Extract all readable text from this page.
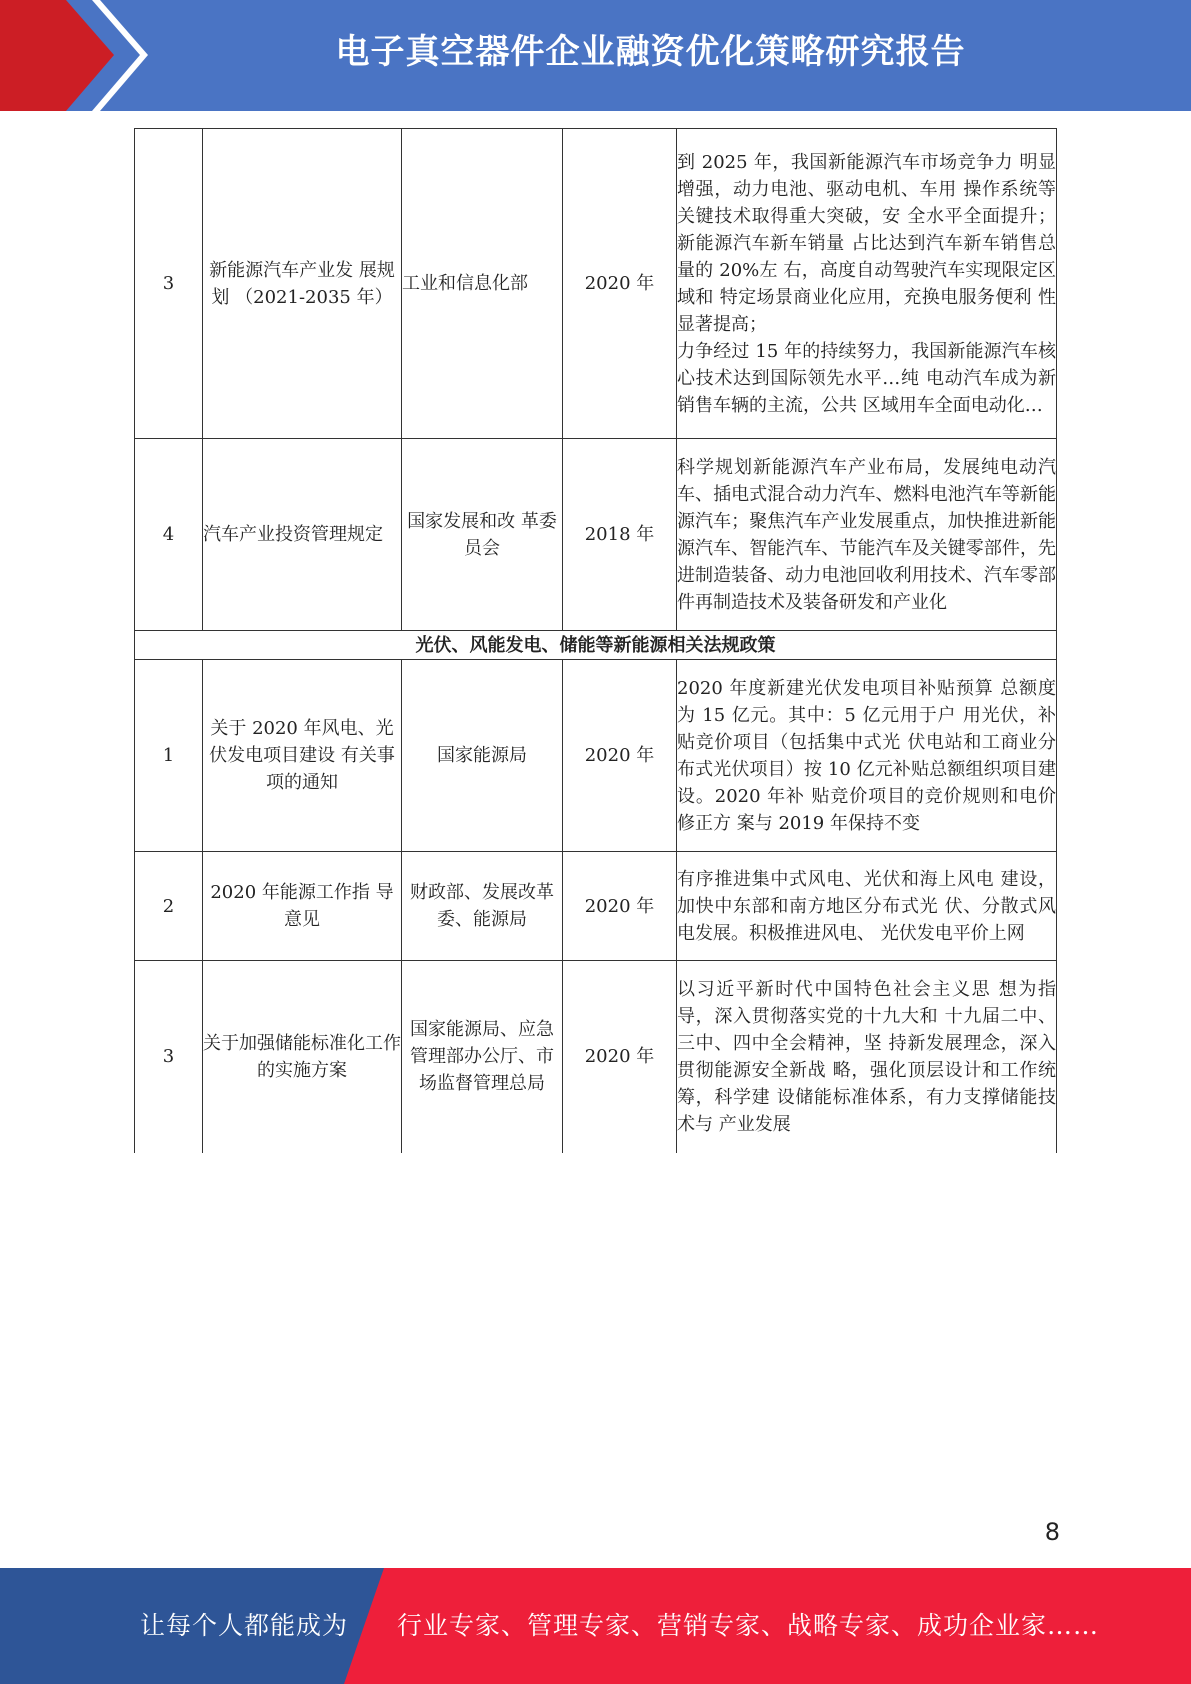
电子真空器件企业融资优化策略研究报告
3	新能源汽车产业发 展规划 （2021-2035 年）	工业和信息化部	2020 年	到 2025 年，我国新能源汽车市场竞争力 明显增强，动力电池、驱动电机、车用 操作系统等关键技术取得重大突破，安 全水平全面提升；新能源汽车新车销量 占比达到汽车新车销售总量的 20%左 右，高度自动驾驶汽车实现限定区域和 特定场景商业化应用，充换电服务便利 性显著提高；
力争经过 15 年的持续努力，我国新能源汽车核心技术达到国际领先水平…纯 电动汽车成为新销售车辆的主流，公共 区域用车全面电动化…

4	汽车产业投资管理规定	国家发展和改 革委员会	2018 年	科学规划新能源汽车产业布局，发展纯电动汽车、插电式混合动力汽车、燃料电池汽车等新能源汽车；聚焦汽车产业发展重点，加快推进新能源汽车、智能汽车、节能汽车及关键零部件，先进制造装备、动力电池回收利用技术、汽车零部件再制造技术及装备研发和产业化
光伏、风能发电、储能等新能源相关法规政策				
1	关于 2020 年风电、光伏发电项目建设 有关事项的通知	国家能源局	2020 年	2020 年度新建光伏发电项目补贴预算 总额度为 15 亿元。其中：5 亿元用于户 用光伏，补贴竞价项目（包括集中式光 伏电站和工商业分布式光伏项目）按 10 亿元补贴总额组织项目建设。2020 年补 贴竞价项目的竞价规则和电价修正方 案与 2019 年保持不变
2	2020 年能源工作指 导意见	财政部、发展改革委、能源局	2020 年	有序推进集中式风电、光伏和海上风电 建设，加快中东部和南方地区分布式光 伏、分散式风电发展。积极推进风电、 光伏发电平价上网
3	关于加强储能标准化工作的实施方案	国家能源局、应急管理部办公厅、市场监督管理总局	2020 年	以习近平新时代中国特色社会主义思 想为指导，深入贯彻落实党的十九大和 十九届二中、三中、四中全会精神，坚 持新发展理念，深入贯彻能源安全新战 略，强化顶层设计和工作统筹，科学建 设储能标准体系，有力支撑储能技术与 产业发展
8
让每个人都能成为 行业专家、管理专家、营销专家、战略专家、成功企业家……
